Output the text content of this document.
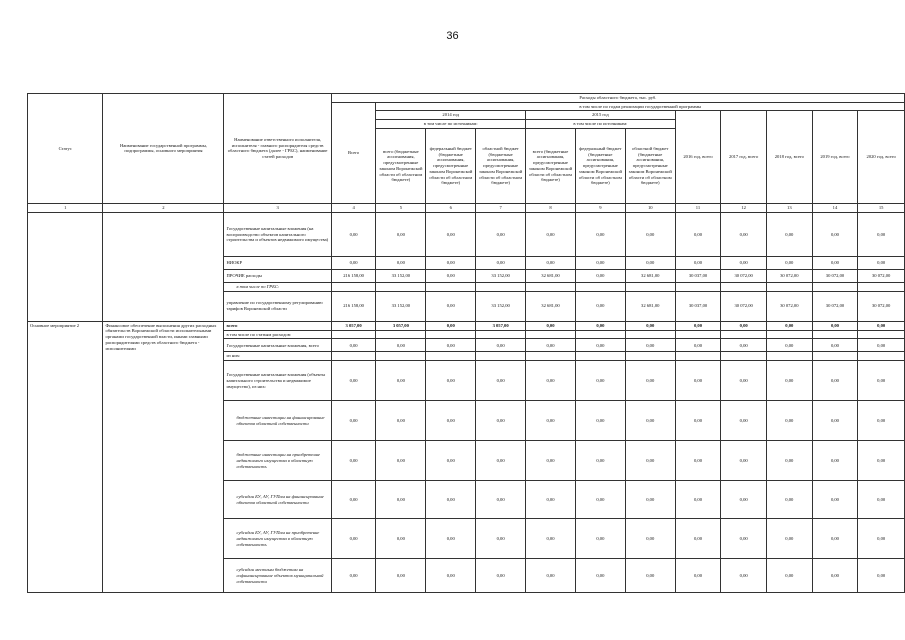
36
Статус	Наименование государственной программы, подпрограммы, основного мероприятия	Наименование ответственного исполнителя, исполнителя - главного распорядителя средств областного бюджета (далее - ГРБС), наименование статей расходов	Расходы областного бюджета, тыс. руб.											
			Всего	в том числе по годам реализации государственной программы										
				2014 год			2015 год			2016 год, всего	2017 год, всего	2018 год, всего	2019 год, всего	2020 год, всего
				в том числе по источникам:			в том числе по источникам:							
				всего (бюджетные ассигнования, предусмотренные законом Воронежской области об областном бюджете)	федеральный бюджет (бюджетные ассигнования, предусмотренные законом Воронежской области об областном бюджете)	областной бюджет (бюджетные ассигнования, предусмотренные законом Воронежской области об областном бюджете)	всего (бюджетные ассигнования, предусмотренные законом Воронежской области об областном бюджете)	федеральный бюджет (бюджетные ассигнования, предусмотренные законом Воронежской области об областном бюджете)	областной бюджет (бюджетные ассигнования, предусмотренные законом Воронежской области об областном бюджете)					
1	2	3	4	5	6	7	8	9	10	11	12	13	14	15
		Государственные капитальные вложения (на воспроизводство объектов капитального строительства и объектов недвижимого имущества)	0,00	0,00	0,00	0,00	0,00	0,00	0,00	0,00	0,00	0,00	0,00	0,00
		НИОКР	0,00	0,00	0,00	0,00	0,00	0,00	0,00	0,00	0,00	0,00	0,00	0,00
		ПРОЧИЕ расходы	216 158,00	33 152,00	0,00	33 152,00	32 681,00	0,00	32 681,00	30 037,00	30 072,00	30 072,00	30 072,00	30 072,00
		в том числе по ГРБС:												
		управление по государственному регулированию тарифов Воронежской области	216 158,00	33 152,00	0,00	33 152,00	32 681,00	0,00	32 681,00	30 037,00	30 072,00	30 072,00	30 072,00	30 072,00
Основное мероприятие 2	Финансовое обеспечение выполнения других расходных обязательств Воронежской области исполнительными органами государственной власти, иными главными распорядителями средств областного бюджета - исполнителями	всего	3 057,00	3 057,00	0,00	3 057,00	0,00	0,00	0,00	0,00	0,00	0,00	0,00	0,00
		в том числе по статьям расходов:												
		Государственные капитальные вложения, всего	0,00	0,00	0,00	0,00	0,00	0,00	0,00	0,00	0,00	0,00	0,00	0,00
		из них:												
		Государственные капитальные вложения (объекты капитального строительства и недвижимое имущество), из них:	0,00	0,00	0,00	0,00	0,00	0,00	0,00	0,00	0,00	0,00	0,00	0,00
		бюджетные инвестиции на финансирование объектов областной собственности	0,00	0,00	0,00	0,00	0,00	0,00	0,00	0,00	0,00	0,00	0,00	0,00
		бюджетные инвестиции на приобретение недвижимого имущества в областную собственность	0,00	0,00	0,00	0,00	0,00	0,00	0,00	0,00	0,00	0,00	0,00	0,00
		субсидии БУ, АУ, ГУПам на финансирование объектов областной собственности	0,00	0,00	0,00	0,00	0,00	0,00	0,00	0,00	0,00	0,00	0,00	0,00
		субсидии БУ, АУ, ГУПам на приобретение недвижимого имущества в областную собственность	0,00	0,00	0,00	0,00	0,00	0,00	0,00	0,00	0,00	0,00	0,00	0,00
		субсидии местным бюджетам на софинансирование объектов муниципальной собственности	0,00	0,00	0,00	0,00	0,00	0,00	0,00	0,00	0,00	0,00	0,00	0,00
